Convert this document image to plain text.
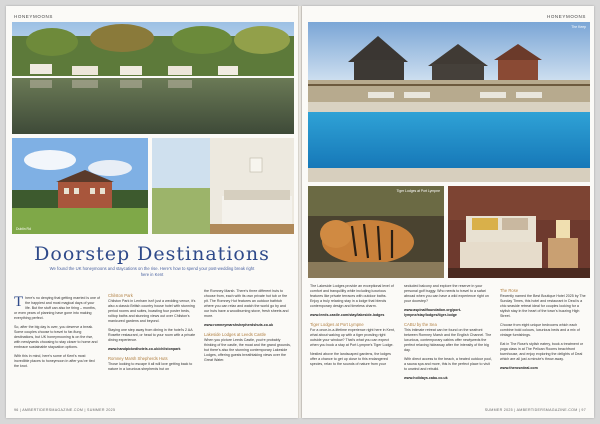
HONEYMOONS
Dublin Rd
Doorstep Destinations
We found the UK honeymoons and staycations on the rise. Here's how to spend your post-wedding break right here in Kent

There's no denying that getting married is one of the happiest and most magical days of your life. But the stuff can also be tiring – months, or even years of planning have gone into making everything perfect.

So, after the big day is over, you deserve a break. Some couples choose to travel to far-flung destinations, but UK honeymooning is on the rise, with newlyweds choosing to stay closer to home and embrace sustainable staycation options.

With this in mind, here's some of Kent's most incredible places to honeymoon in after you've tied the knot.

Chilston Park

Chilston Park in Lenham isn't just a wedding venue, it's also a classic British country house hotel with stunning period rooms and suites, boasting four poster beds, rolltop baths and stunning views out over Chilston's manicured gardens and beyond.

Staying one step away from dining in the hotel's 2 AA Rosette restaurant, or head to your room with a private dining experience.

www.handpickedhotels.co.uk/chilstonpark

Romney Marsh Shepherds Huts

Those looking to escape it all will love getting back to nature in a luxurious shepherds hut on

the Romney Marsh. There's three different huts to choose from, each with its own private hot tub or fire pit. The Romney Hut features an outdoor bathtub where you can relax and watch the world go by and our huts have a woodburning stove, fresh sheets and more.

www.romneymarshshepherdshuts.co.uk

Lakeside Lodges at Leeds Castle

When you picture Leeds Castle, you're probably thinking of the castle, the moat and the grand grounds, but there's also the stunning contemporary Lakeside Lodges, offering guests breathtaking views over the Great Water.

96 | AMBERTIDERSMAGAZINE.COM | SUMMER 2025
HONEYMOONS
The Keep
Tiger Lodges at Port Lympne

The Lakeside Lodges provide an exceptional level of comfort and tranquillity while including luxurious features like private terraces with outdoor baths. Enjoy a truly relaxing stay in a lodge that blends contemporary design and timeless charm.

www.leeds-castle.com/stay/lakeside-lodges

Tiger Lodges at Port Lympne

For a once-in-a-lifetime experience right here in Kent, what about waking up with a tiger prowling right outside your window? That's what you can expect when you book a stay at Port Lympne's Tiger Lodge.

Nestled above the landscaped gardens, the lodges offer a chance to get up close to this endangered species, relax to the sounds of nature from your

secluded balcony and explore the reserve in your personal golf buggy. Who needs to travel to a safari abroad when you can have a wild experience right on your doorstep?

www.aspinallfoundation.org/port-lympne/stay/lodges/tiger-lodge

CABU by the Sea

This intimate retreat can be found on the seafront between Romney Marsh and the English Channel. The luxurious, contemporary cabins offer newlyweds the perfect relaxing hideaway after the intensity of the big day.

With direct access to the beach, a heated outdoor pool, a sauna spa and more, this is the perfect place to visit to unwind and rebuild.

www.holidays.cabu.co.uk

The Rose

Recently named the Best Boutique Hotel 2025 by The Sunday Times, this hotel and restaurant in Deal is a chic seaside retreat ideal for couples looking for a stylish stay in the heart of the town's buzzing High Street.

Choose from eight unique bedrooms which each combine bold colours, luxurious beds and a mix of vintage furnishings.

Eat in The Rose's stylish eatery, book a treatment or yoga class in at The Pelican Rooms beachfront townhouse, and enjoy exploring the delights of Deal which are all just a minute's throw away.

www.therosedeal.com

SUMMER 2025 | AMBERTIDERSMAGAZINE.COM | 97
